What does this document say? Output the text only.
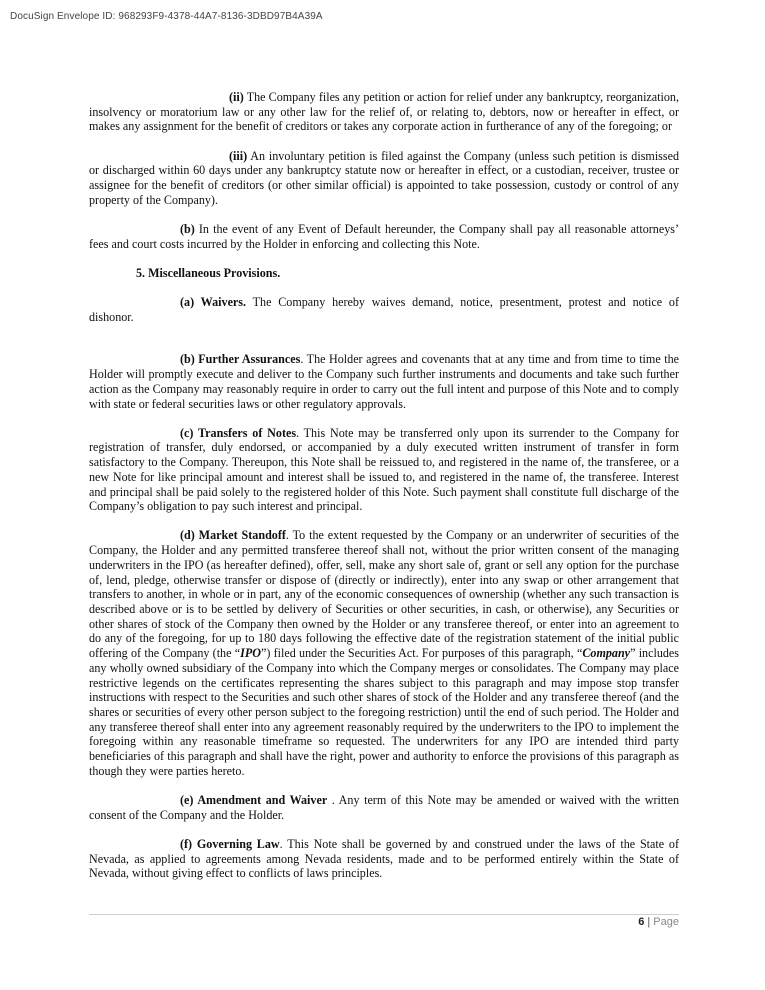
DocuSign Envelope ID: 968293F9-4378-44A7-8136-3DBD97B4A39A

(ii) The Company files any petition or action for relief under any bankruptcy, reorganization, insolvency or moratorium law or any other law for the relief of, or relating to, debtors, now or hereafter in effect, or makes any assignment for the benefit of creditors or takes any corporate action in furtherance of any of the foregoing; or

(iii) An involuntary petition is filed against the Company (unless such petition is dismissed or discharged within 60 days under any bankruptcy statute now or hereafter in effect, or a custodian, receiver, trustee or assignee for the benefit of creditors (or other similar official) is appointed to take possession, custody or control of any property of the Company).

(b) In the event of any Event of Default hereunder, the Company shall pay all reasonable attorneys’ fees and court costs incurred by the Holder in enforcing and collecting this Note.

5. Miscellaneous Provisions.

(a) Waivers. The Company hereby waives demand, notice, presentment, protest and notice of dishonor.

(b) Further Assurances. The Holder agrees and covenants that at any time and from time to time the Holder will promptly execute and deliver to the Company such further instruments and documents and take such further action as the Company may reasonably require in order to carry out the full intent and purpose of this Note and to comply with state or federal securities laws or other regulatory approvals.

(c) Transfers of Notes. This Note may be transferred only upon its surrender to the Company for registration of transfer, duly endorsed, or accompanied by a duly executed written instrument of transfer in form satisfactory to the Company. Thereupon, this Note shall be reissued to, and registered in the name of, the transferee, or a new Note for like principal amount and interest shall be issued to, and registered in the name of, the transferee. Interest and principal shall be paid solely to the registered holder of this Note. Such payment shall constitute full discharge of the Company’s obligation to pay such interest and principal.

(d) Market Standoff. To the extent requested by the Company or an underwriter of securities of the Company, the Holder and any permitted transferee thereof shall not, without the prior written consent of the managing underwriters in the IPO (as hereafter defined), offer, sell, make any short sale of, grant or sell any option for the purchase of, lend, pledge, otherwise transfer or dispose of (directly or indirectly), enter into any swap or other arrangement that transfers to another, in whole or in part, any of the economic consequences of ownership (whether any such transaction is described above or is to be settled by delivery of Securities or other securities, in cash, or otherwise), any Securities or other shares of stock of the Company then owned by the Holder or any transferee thereof, or enter into an agreement to do any of the foregoing, for up to 180 days following the effective date of the registration statement of the initial public offering of the Company (the “IPO”) filed under the Securities Act. For purposes of this paragraph, “Company” includes any wholly owned subsidiary of the Company into which the Company merges or consolidates. The Company may place restrictive legends on the certificates representing the shares subject to this paragraph and may impose stop transfer instructions with respect to the Securities and such other shares of stock of the Holder and any transferee thereof (and the shares or securities of every other person subject to the foregoing restriction) until the end of such period. The Holder and any transferee thereof shall enter into any agreement reasonably required by the underwriters to the IPO to implement the foregoing within any reasonable timeframe so requested. The underwriters for any IPO are intended third party beneficiaries of this paragraph and shall have the right, power and authority to enforce the provisions of this paragraph as though they were parties hereto.

(e) Amendment and Waiver . Any term of this Note may be amended or waived with the written consent of the Company and the Holder.

(f) Governing Law. This Note shall be governed by and construed under the laws of the State of Nevada, as applied to agreements among Nevada residents, made and to be performed entirely within the State of Nevada, without giving effect to conflicts of laws principles.

6 | Page
